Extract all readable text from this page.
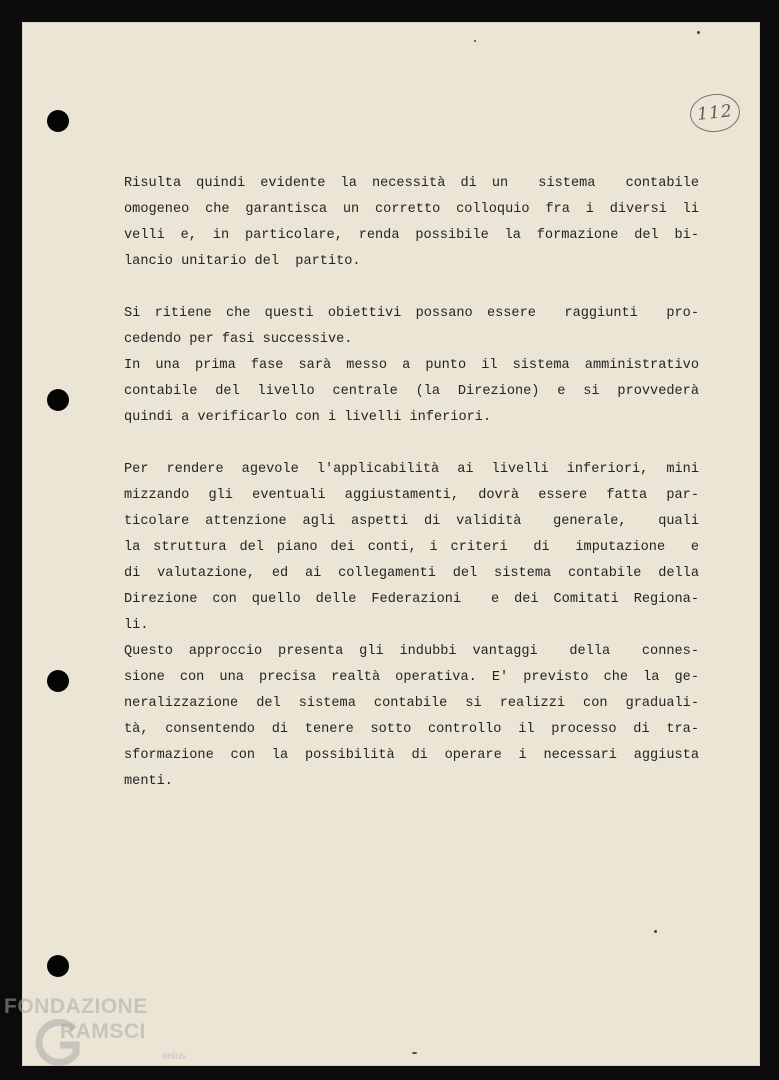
112
Risulta quindi evidente la necessità di un  sistema  contabile
omogeneo che garantisca un corretto colloquio fra i diversi li
velli e, in particolare, renda possibile la formazione del bi-
lancio unitario del  partito.
Si ritiene che questi obiettivi possano essere  raggiunti  pro-
cedendo per fasi successive.
In una prima fase sarà messo a punto il sistema amministrativo
contabile del livello centrale (la Direzione) e si provvederà
quindi a verificarlo con i livelli inferiori.
Per rendere agevole l'applicabilità ai livelli inferiori, mini
mizzando gli eventuali aggiustamenti, dovrà essere fatta par-
ticolare attenzione agli aspetti di validità  generale,  quali
la struttura del piano dei conti, i criteri  di  imputazione  e
di valutazione, ed ai collegamenti del sistema contabile della
Direzione con quello delle Federazioni  e dei Comitati Regiona-
li.
Questo approccio presenta gli indubbi vantaggi  della  connes-
sione con una precisa realtà operativa. E' previsto che la ge-
neralizzazione del sistema contabile si realizzi con graduali-
tà, consentendo di tenere sotto controllo il processo di tra-
sformazione con la possibilità di operare i necessari aggiusta
menti.
FONDAZIONE
RAMSCI
onlus
